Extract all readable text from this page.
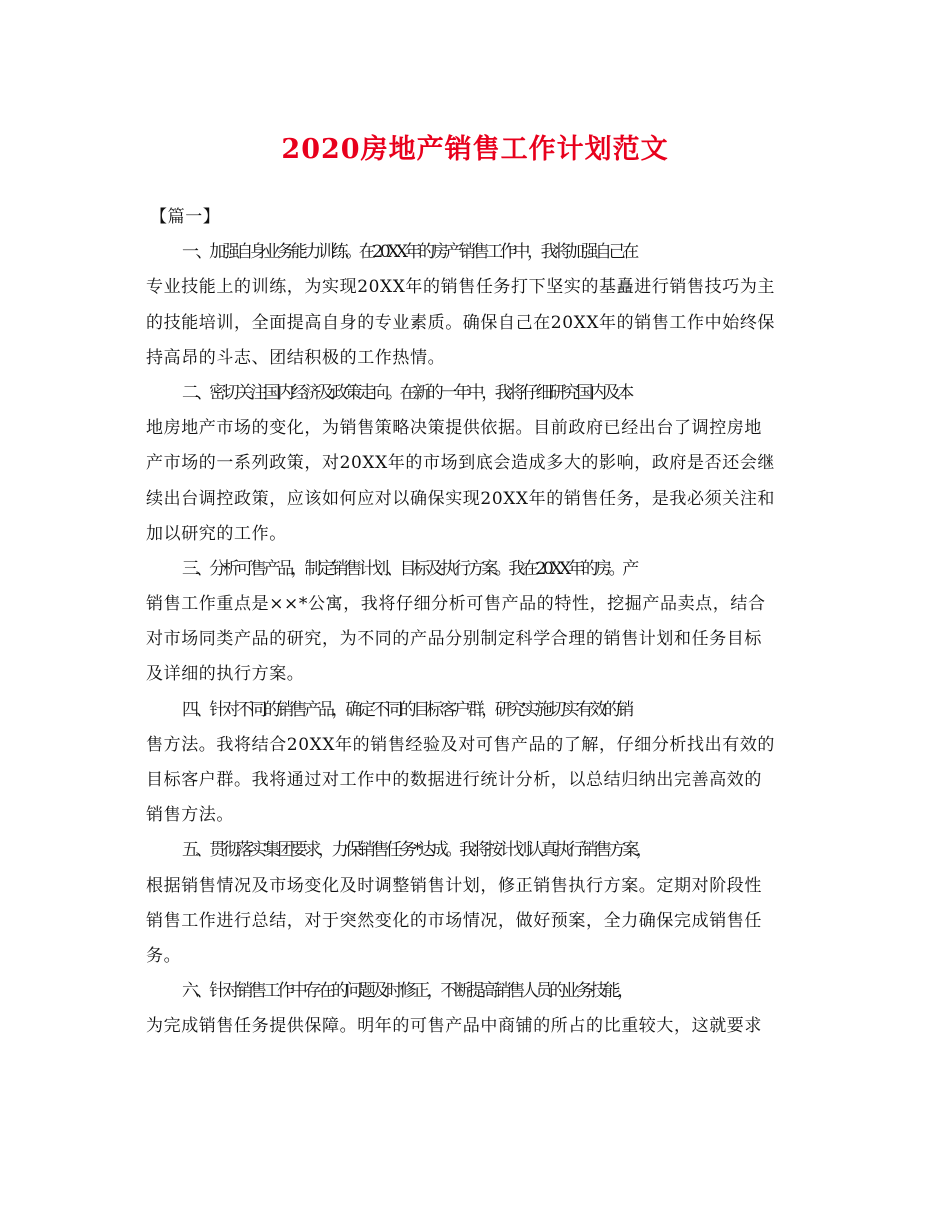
2020房地产销售工作计划范文

【篇一】

一、加强自身业务能力训练。在20XX年的房产销售工作中，我将加强自己在
专业技能上的训练，为实现20XX年的销售任务打下坚实的基矗进行销售技巧为主
的技能培训，全面提高自身的专业素质。确保自己在20XX年的销售工作中始终保
持高昂的斗志、团结积极的工作热情。

二、密切关注国内经济及政策走向。在新的一年中，我将仔细研究国内及本
地房地产市场的变化，为销售策略决策提供依据。目前政府已经出台了调控房地
产市场的一系列政策，对20XX年的市场到底会造成多大的影响，政府是否还会继
续出台调控政策，应该如何应对以确保实现20XX年的销售任务，是我必须关注和
加以研究的工作。

三、分析可售产品，制定销售计划、目标及执行方案。我在20XX年的房。产
销售工作重点是××*公寓，我将仔细分析可售产品的特性，挖掘产品卖点，结合
对市场同类产品的研究，为不同的产品分别制定科学合理的销售计划和任务目标
及详细的执行方案。

四、针对不同的销售产品，确定不同的目标客户群，研究实施切实有效的销
售方法。我将结合20XX年的销售经验及对可售产品的了解，仔细分析找出有效的
目标客户群。我将通过对工作中的数据进行统计分析，以总结归纳出完善高效的
销售方法。

五、贯彻落实集团要求，力保销售任务*达成。我将按计划认真执行销售方案，
根据销售情况及市场变化及时调整销售计划，修正销售执行方案。定期对阶段性
销售工作进行总结，对于突然变化的市场情况，做好预案，全力确保完成销售任
务。

六、针对销售工作中存在的问题及时修正，不断提高销售人员的业务技能，
为完成销售任务提供保障。明年的可售产品中商铺的所占的比重较大，这就要求
